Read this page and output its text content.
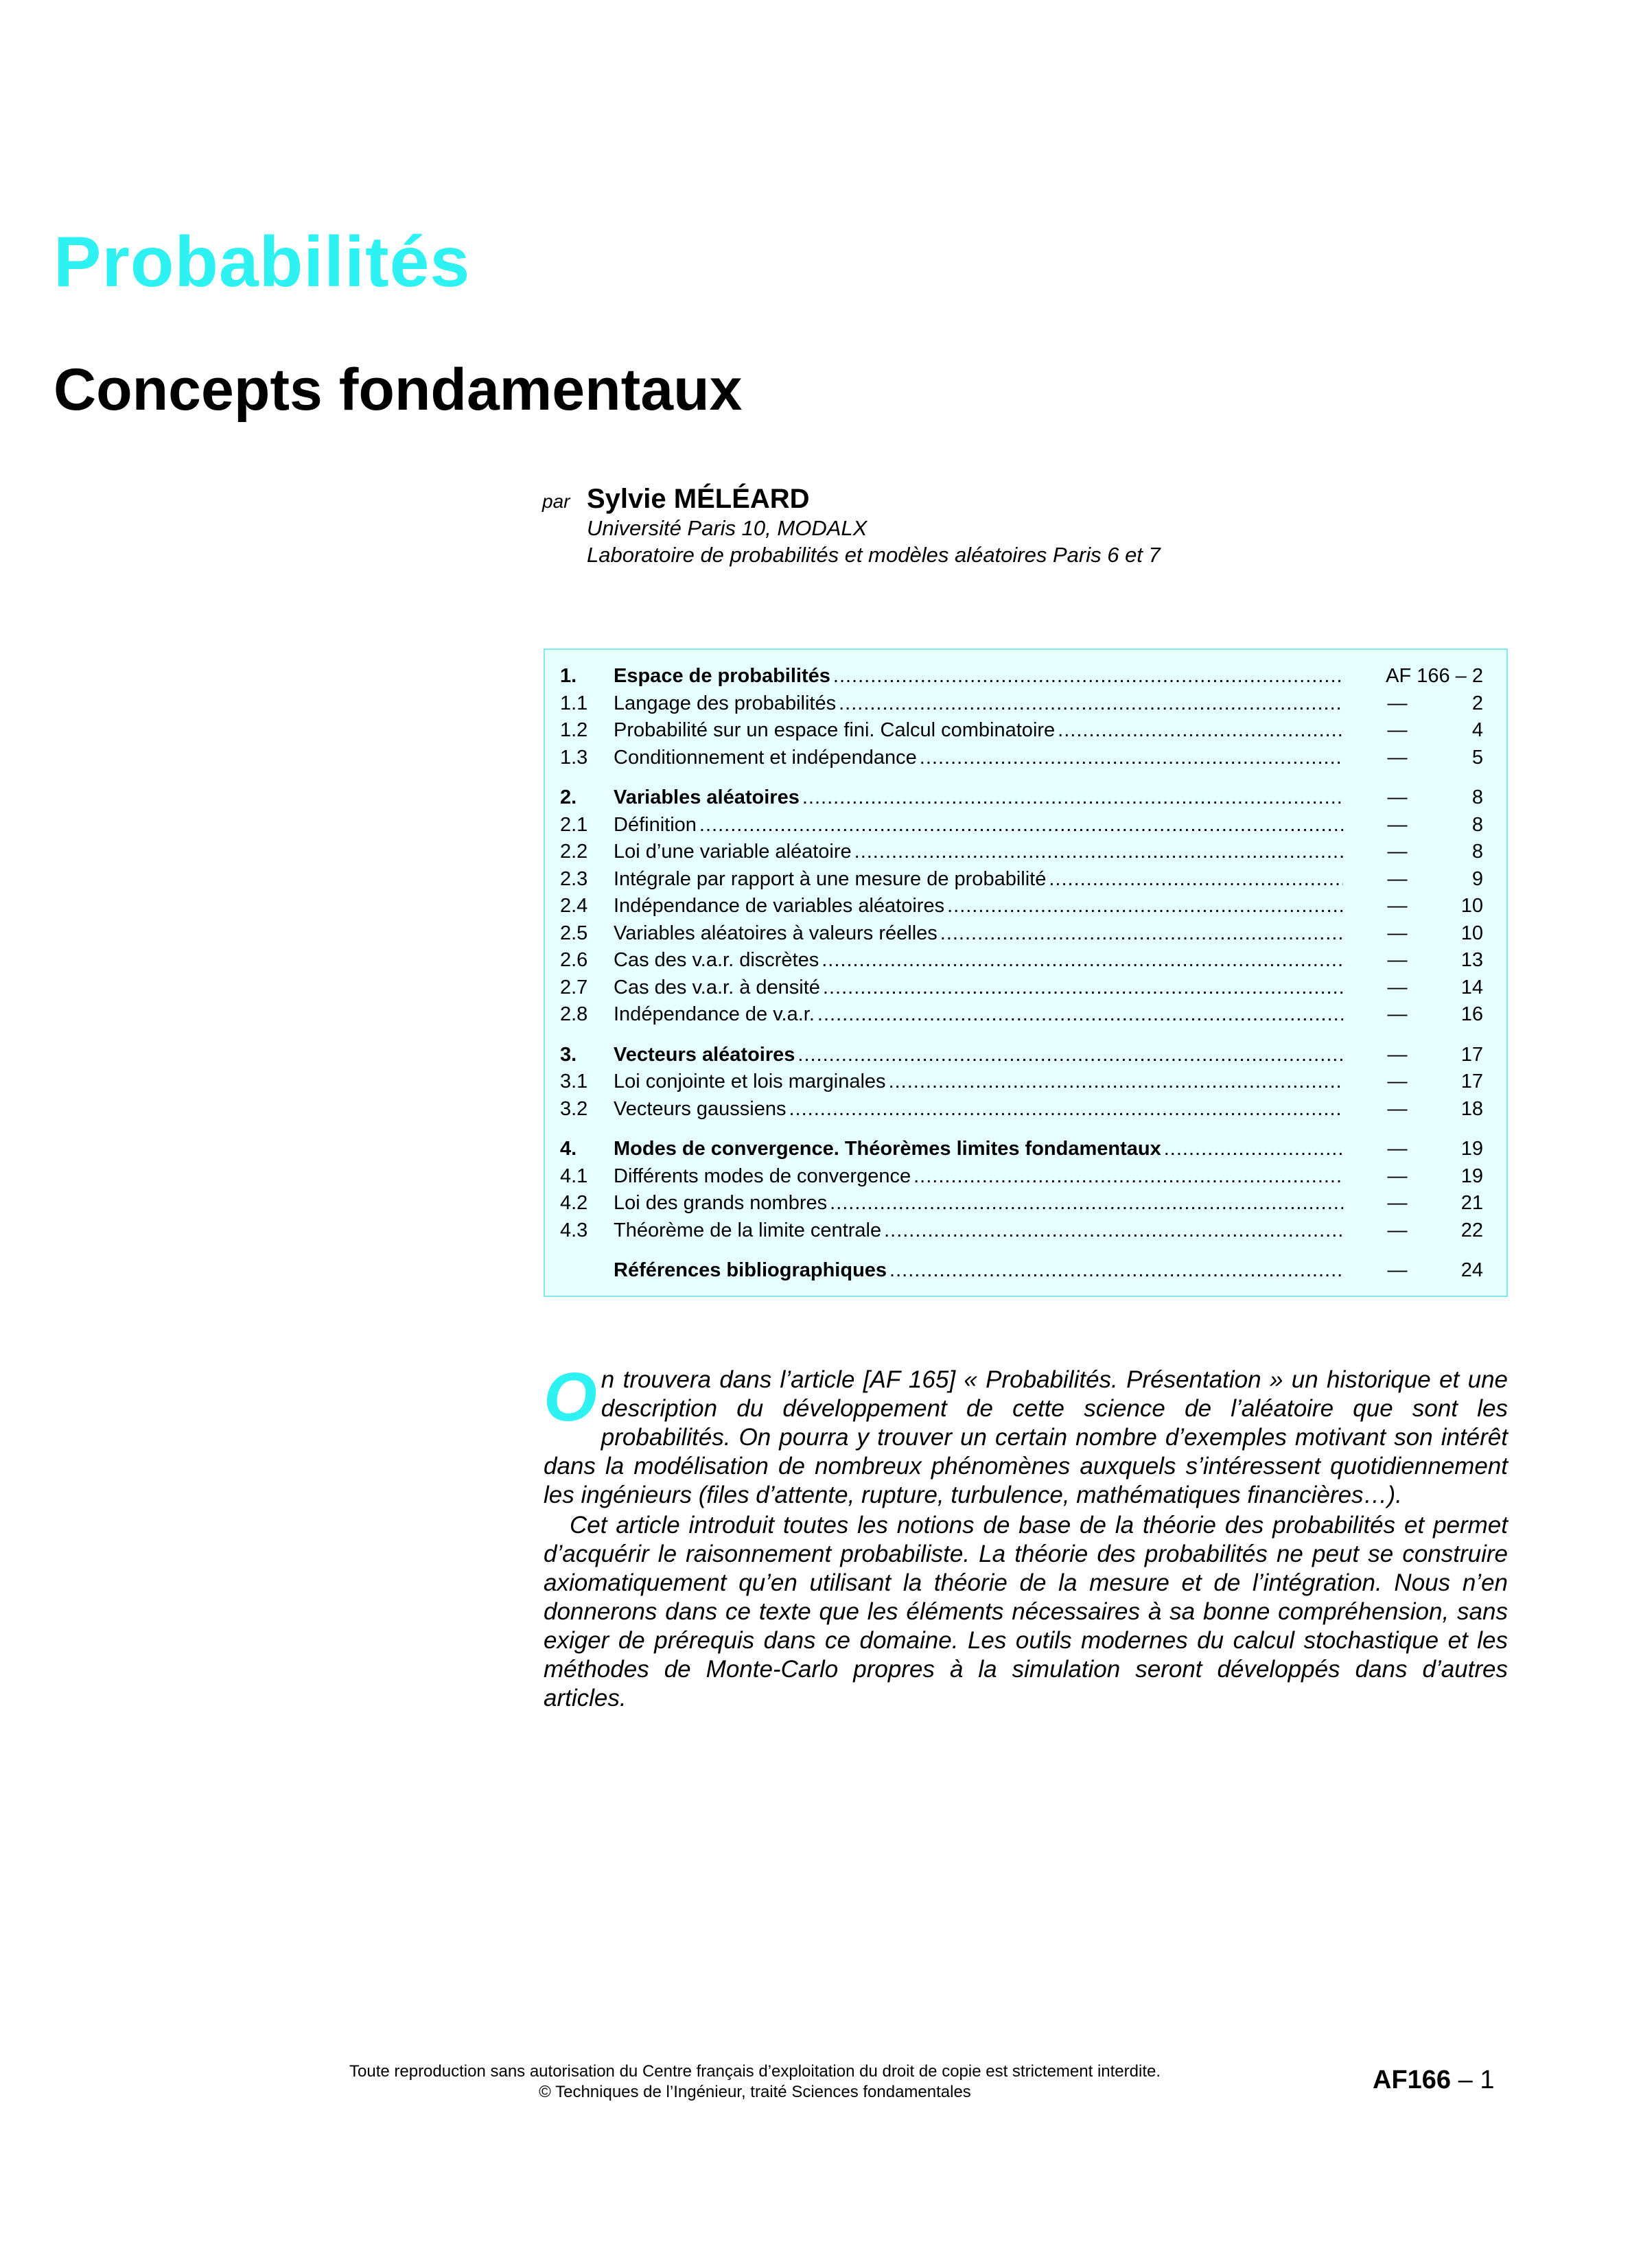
Probabilités
Concepts fondamentaux
par Sylvie MÉLÉARD
Université Paris 10, MODALX
Laboratoire de probabilités et modèles aléatoires Paris 6 et 7
1.	Espace de probabilités .....	AF 166 – 2
1.1	Langage des probabilités .....	—	2
1.2	Probabilité sur un espace fini. Calcul combinatoire .....	—	4
1.3	Conditionnement et indépendance .....	—	5
2.	Variables aléatoires .....	—	8
2.1	Définition .....	—	8
2.2	Loi d’une variable aléatoire .....	—	8
2.3	Intégrale par rapport à une mesure de probabilité .....	—	9
2.4	Indépendance de variables aléatoires .....	—	10
2.5	Variables aléatoires à valeurs réelles .....	—	10
2.6	Cas des v.a.r. discrètes .....	—	13
2.7	Cas des v.a.r. à densité .....	—	14
2.8	Indépendance de v.a.r. .....	—	16
3.	Vecteurs aléatoires .....	—	17
3.1	Loi conjointe et lois marginales .....	—	17
3.2	Vecteurs gaussiens .....	—	18
4.	Modes de convergence. Théorèmes limites fondamentaux .....	—	19
4.1	Différents modes de convergence .....	—	19
4.2	Loi des grands nombres .....	—	21
4.3	Théorème de la limite centrale .....	—	22
Références bibliographiques .....	—	24

On trouvera dans l’article [AF 165] « Probabilités. Présentation » un historique et une description du développement de cette science de l’aléatoire que sont les probabilités. On pourra y trouver un certain nombre d’exemples motivant son intérêt dans la modélisation de nombreux phénomènes auxquels s’intéressent quotidiennement les ingénieurs (files d’attente, rupture, turbulence, mathématiques financières…).

Cet article introduit toutes les notions de base de la théorie des probabilités et permet d’acquérir le raisonnement probabiliste. La théorie des probabilités ne peut se construire axiomatiquement qu’en utilisant la théorie de la mesure et de l’intégration. Nous n’en donnerons dans ce texte que les éléments nécessaires à sa bonne compréhension, sans exiger de prérequis dans ce domaine. Les outils modernes du calcul stochastique et les méthodes de Monte-Carlo propres à la simulation seront développés dans d’autres articles.

Toute reproduction sans autorisation du Centre français d’exploitation du droit de copie est strictement interdite.
© Techniques de l’Ingénieur, traité Sciences fondamentales	AF166 – 1
